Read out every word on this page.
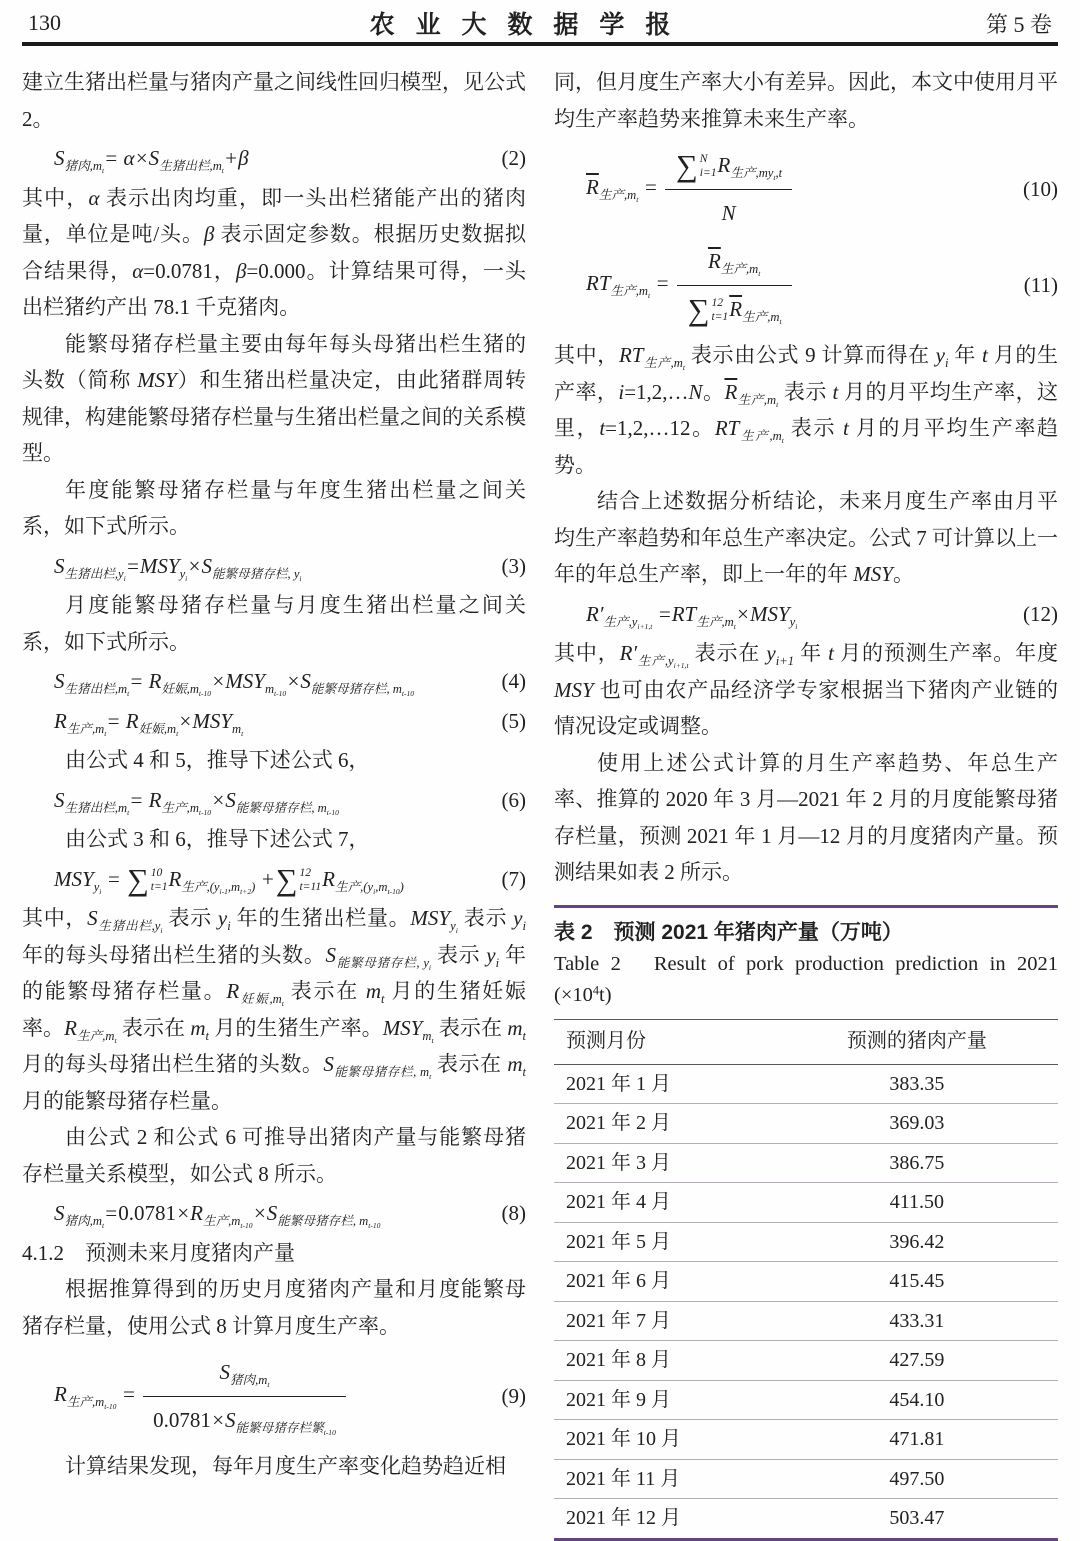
130	农 业 大 数 据 学 报	第 5 卷

建立生猪出栏量与猪肉产量之间线性回归模型，见公式 2。

$S_{猪肉,m_t}= \alpha\times S_{生猪出栏,m_t}+\beta$	(2)

其中，α 表示出肉均重，即一头出栏猪能产出的猪肉量，单位是吨/头。β 表示固定参数。根据历史数据拟合结果得，α=0.0781，β=0.000。计算结果可得，一头出栏猪约产出 78.1 千克猪肉。

能繁母猪存栏量主要由每年每头母猪出栏生猪的头数（简称 MSY）和生猪出栏量决定，由此猪群周转规律，构建能繁母猪存栏量与生猪出栏量之间的关系模型。

年度能繁母猪存栏量与年度生猪出栏量之间关系，如下式所示。

$S_{生猪出栏,y_i}=MSY_{y_i}\times S_{能繁母猪存栏, y_i}$
(3)

月度能繁母猪存栏量与月度生猪出栏量之间关系，如下式所示。

$S_{生猪出栏,m_t}= R_{妊娠,m_{t-10}}\times MSY_{m_{t-10}}\times S_{能繁母猪存栏, m_{t-10}}$
(4)
$R_{生产,m_t}= R_{妊娠,m_t}\times MSY_{m_t}$
(5)

由公式 4 和 5，推导下述公式 6，

$S_{生猪出栏,m_t}= R_{生产,m_{t-10}}\times S_{能繁母猪存栏, m_{t-10}}$
(6)

由公式 3 和 6，推导下述公式 7，

$MSY_{y_i}$ = ∑ 10
t=1 $R_{生产,(y_{i-1},m_{t+2})}$ + ∑ 12
t=11 $R_{生产,(y_i,m_{t-10})}$	(7)

其中，$S_{生猪出栏,y_i}$ 表示 $y_i$ 年的生猪出栏量。$MSY_{y_i}$ 表示 $y_i$ 年的每头母猪出栏生猪的头数。$S_{能繁母猪存栏, y_i}$ 表示 $y_i$ 年的能繁母猪存栏量。$R_{妊娠,m_t}$ 表示在 $m_t$ 月的生猪妊娠率。$R_{生产,m_t}$ 表示在 $m_t$ 月的生猪生产率。$MSY_{m_t}$ 表示在 $m_t$ 月的每头母猪出栏生猪的头数。$S_{能繁母猪存栏, m_t}$ 表示在 $m_t$ 月的能繁母猪存栏量。

由公式 2 和公式 6 可推导出猪肉产量与能繁母猪存栏量关系模型，如公式 8 所示。

$S_{猪肉,m_t}=0.0781\times R_{生产,m_{t-10}}\times S_{能繁母猪存栏, m_{t-10}}$
(8)

4.1.2　预测未来月度猪肉产量

根据推算得到的历史月度猪肉产量和月度能繁母猪存栏量，使用公式 8 计算月度生产率。

$R_{生产,m_{t-10}} = \frac{S_{猪肉,m_t}}{0.0781\times S_{能繁母猪存栏繁_{t-10}}}$	(9)

计算结果发现，每年月度生产率变化趋势趋近相

同，但月度生产率大小有差异。因此，本文中使用月平均生产率趋势来推算未来生产率。

$\overline{R}_{生产,m_t}$ = ∑ N
i=1 $R_{生产,my_t,t}$
N	(10)
$RT_{生产,m_t} = \overline{R}_{生产,m_t}$
∑ 12
t=1 $\overline{R}_{生产,m_t}$	(11)

其中，$RT_{生产,m_t}$ 表示由公式 9 计算而得在 $y_i$ 年 t 月的生产率，i=1,2,…N。$\overline{R}_{生产,m_t}$ 表示 t 月的月平均生产率，这里，t=1,2,…12。$RT_{生产,m_t}$ 表示 t 月的月平均生产率趋势。

结合上述数据分析结论，未来月度生产率由月平均生产率趋势和年总生产率决定。公式 7 可计算以上一年的年总生产率，即上一年的年 MSY。

$R'_{生产,y_{i+1,t}} =RT_{生产,m_t}\times MSY_{y_i}$
(12)

其中，$R'_{生产,y_{i+1,t}}$ 表示在 $y_{i+1}$ 年 t 月的预测生产率。年度 MSY 也可由农产品经济学专家根据当下猪肉产业链的情况设定或调整。

使用上述公式计算的月生产率趋势、年总生产率、推算的 2020 年 3 月—2021 年 2 月的月度能繁母猪存栏量，预测 2021 年 1 月—12 月的月度猪肉产量。预测结果如表 2 所示。

表 2　预测 2021 年猪肉产量（万吨）
Table 2　Result of pork production prediction in 2021 $(\times 10^4t)$
预测月份	预测的猪肉产量
2021 年 1 月	383.35
2021 年 2 月	369.03
2021 年 3 月	386.75
2021 年 4 月	411.50
2021 年 5 月	396.42
2021 年 6 月	415.45
2021 年 7 月	433.31
2021 年 8 月	427.59
2021 年 9 月	454.10
2021 年 10 月	471.81
2021 年 11 月	497.50
2021 年 12 月	503.47
